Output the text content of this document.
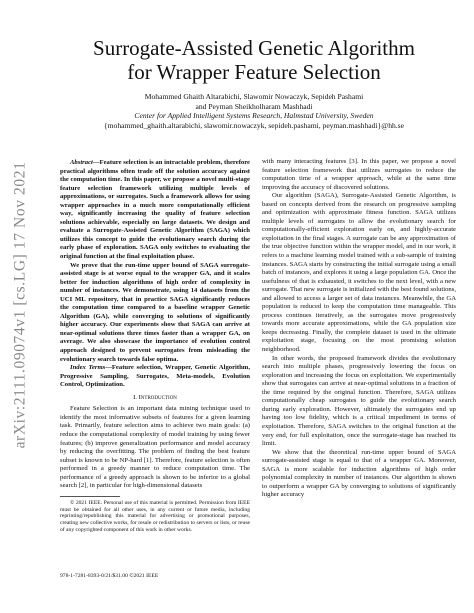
arXiv:2111.09074v1 [cs.LG] 17 Nov 2021
Surrogate-Assisted Genetic Algorithm
for Wrapper Feature Selection
Mohammed Ghaith Altarabichi, Slawomir Nowaczyk, Sepideh Pashami
and Peyman Sheikholharam Mashhadi
Center for Applied Intelligent Systems Research, Halmstad University, Sweden
{mohammed_ghaith.altarabichi, slawomir.nowaczyk, sepideh.pashami, peyman.mashhadi}@hh.se

Abstract—Feature selection is an intractable problem, therefore practical algorithms often trade off the solution accuracy against the computation time. In this paper, we propose a novel multi-stage feature selection framework utilizing multiple levels of approximations, or surrogates. Such a framework allows for using wrapper approaches in a much more computationally efficient way, significantly increasing the quality of feature selection solutions achievable, especially on large datasets. We design and evaluate a Surrogate-Assisted Genetic Algorithm (SAGA) which utilizes this concept to guide the evolutionary search during the early phase of exploration. SAGA only switches to evaluating the original function at the final exploitation phase.

We prove that the run-time upper bound of SAGA surrogate-assisted stage is at worse equal to the wrapper GA, and it scales better for induction algorithms of high order of complexity in number of instances. We demonstrate, using 14 datasets from the UCI ML repository, that in practice SAGA significantly reduces the computation time compared to a baseline wrapper Genetic Algorithm (GA), while converging to solutions of significantly higher accuracy. Our experiments show that SAGA can arrive at near-optimal solutions three times faster than a wrapper GA, on average. We also showcase the importance of evolution control approach designed to prevent surrogates from misleading the evolutionary search towards false optima.

Index Terms—Feature selection, Wrapper, Genetic Algorithm, Progressive Sampling, Surrogates, Meta-models, Evolution Control, Optimization.

I. Introduction

Feature Selection is an important data mining technique used to identify the most informative subsets of features for a given learning task. Primarily, feature selection aims to achieve two main goals: (a) reduce the computational complexity of model training by using fewer features; (b) improve generalization performance and model accuracy by reducing the overfitting. The problem of finding the best feature subset is known to be NP-hard [1]. Therefore, feature selection is often performed in a greedy manner to reduce computation time. The performance of a greedy approach is shown to be inferior to a global search [2], in particular for high-dimensional datasets

© 2021 IEEE. Personal use of this material is permitted. Permission from IEEE must be obtained for all other uses, in any current or future media, including reprinting/republishing this material for advertising or promotional purposes, creating new collective works, for resale or redistribution to servers or lists, or reuse of any copyrighted component of this work in other works.

978-1-7281-8393-0/21/$31.00 ©2021 IEEE

with many interacting features [3]. In this paper, we propose a novel feature selection framework that utilizes surrogates to reduce the computation time of a wrapper approach, while at the same time improving the accuracy of discovered solutions.

Our algorithm (SAGA), Surrogate-Assisted Genetic Algorithm, is based on concepts derived from the research on progressive sampling and optimization with approximate fitness function. SAGA utilizes multiple levels of surrogates to allow the evolutionary search for computationally-efficient exploration early on, and highly-accurate exploitation in the final stages. A surrogate can be any approximation of the true objective function within the wrapper model, and in our work, it refers to a machine learning model trained with a sub-sample of training instances. SAGA starts by constructing the initial surrogate using a small batch of instances, and explores it using a large population GA. Once the usefulness of that is exhausted, it switches to the next level, with a new surrogate. That new surrogate is initialized with the best found solutions, and allowed to access a larger set of data instances. Meanwhile, the GA population is reduced to keep the computation time manageable. This process continues iteratively, as the surrogates move progressively towards more accurate approximations, while the GA population size keeps decreasing. Finally, the complete dataset is used in the ultimate exploitation stage, focusing on the most promising solution neighborhood.

In other words, the proposed framework divides the evolutionary search into multiple phases, progressively lowering the focus on exploration and increasing the focus on exploitation. We experimentally show that surrogates can arrive at near-optimal solutions in a fraction of the time required by the original function. Therefore, SAGA utilizes computationally cheap surrogates to guide the evolutionary search during early exploration. However, ultimately the surrogates end up having too low fidelity, which is a critical impediment in terms of exploitation. Therefore, SAGA switches to the original function at the very end, for full exploitation, once the surrogate-stage has reached its limit.

We show that the theoretical run-time upper bound of SAGA surrogate-assisted stage is equal to that of a wrapper GA. Moreover, SAGA is more scalable for induction algorithms of high order polynomial complexity in number of instances. Our algorithm is shown to outperform a wrapper GA by converging to solutions of significantly higher accuracy
